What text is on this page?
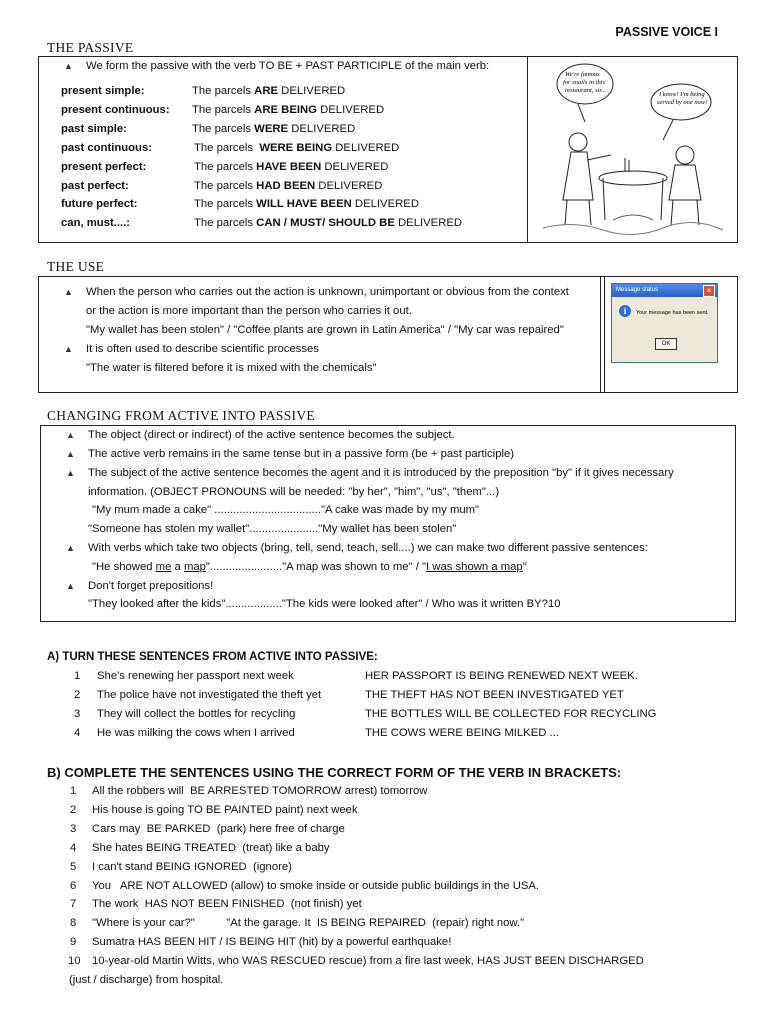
PASSIVE VOICE I
THE PASSIVE
▲ We form the passive with the verb TO BE + PAST PARTICIPLE of the main verb:
present simple:	The parcels ARE DELIVERED
present continuous: The parcels ARE BEING DELIVERED
past simple:	The parcels WERE DELIVERED
past continuous:	The parcels  WERE BEING DELIVERED
present perfect:	The parcels HAVE BEEN DELIVERED
past perfect:	The parcels HAD BEEN DELIVERED
future perfect:	The parcels WILL HAVE BEEN DELIVERED
can, must....:	The parcels CAN / MUST/ SHOULD BE DELIVERED
We're famous for snails in this restaurant, sir...
I know! I'm being served by one now!
THE USE
▲ When the person who carries out the action is unknown, unimportant or obvious from the context
or the action is more important than the person who carries it out.
"My wallet has been stolen" / "Coffee plants are grown in Latin America" / "My car was repaired"
▲ It is often used to describe scientific processes
"The water is filtered before it is mixed with the chemicals"
Message status	×
i	Your message has been sent.
OK
CHANGING FROM ACTIVE INTO PASSIVE
▲ The object (direct or indirect) of the active sentence becomes the subject.
▲ The active verb remains in the same tense but in a passive form (be + past participle)
▲ The subject of the active sentence becomes the agent and it is introduced by the preposition "by" if it gives necessary
information. (OBJECT PRONOUNS will be needed: "by her", "him", "us", "them"...)
"My mum made a cake" .................................."A cake was made by my mum"
"Someone has stolen my wallet"......................"My wallet has been stolen"
▲ With verbs which take two objects (bring, tell, send, teach, sell....) we can make two different passive sentences:
"He showed me a map"......................."A map was shown to me" / "I was shown a map"
▲ Don't forget prepositions!
"They looked after the kids".................."The kids were looked after" / Who was it written BY?10
A) TURN THESE SENTENCES FROM ACTIVE INTO PASSIVE:
1 She's renewing her passport next week	HER PASSPORT IS BEING RENEWED NEXT WEEK.
2 The police have not investigated the theft yet	THE THEFT HAS NOT BEEN INVESTIGATED YET
3 They will collect the bottles for recycling	THE BOTTLES WILL BE COLLECTED FOR RECYCLING
4 He was milking the cows when I arrived	THE COWS WERE BEING MILKED ...
B) COMPLETE THE SENTENCES USING THE CORRECT FORM OF THE VERB IN BRACKETS:
1 All the robbers will  BE ARRESTED TOMORROW arrest) tomorrow
2 His house is going TO BE PAINTED paint) next week
3 Cars may  BE PARKED  (park) here free of charge
4 She hates BEING TREATED  (treat) like a baby
5 I can't stand BEING IGNORED  (ignore)
6 You   ARE NOT ALLOWED (allow) to smoke inside or outside public buildings in the USA.
7 The work  HAS NOT BEEN FINISHED  (not finish) yet
8 "Where is your car?"          "At the garage. It  IS BEING REPAIRED  (repair) right now."
9 Sumatra HAS BEEN HIT / IS BEING HIT (hit) by a powerful earthquake!
10 10-year-old Martin Witts, who WAS RESCUED rescue) from a fire last week, HAS JUST BEEN DISCHARGED
(just / discharge) from hospital.
